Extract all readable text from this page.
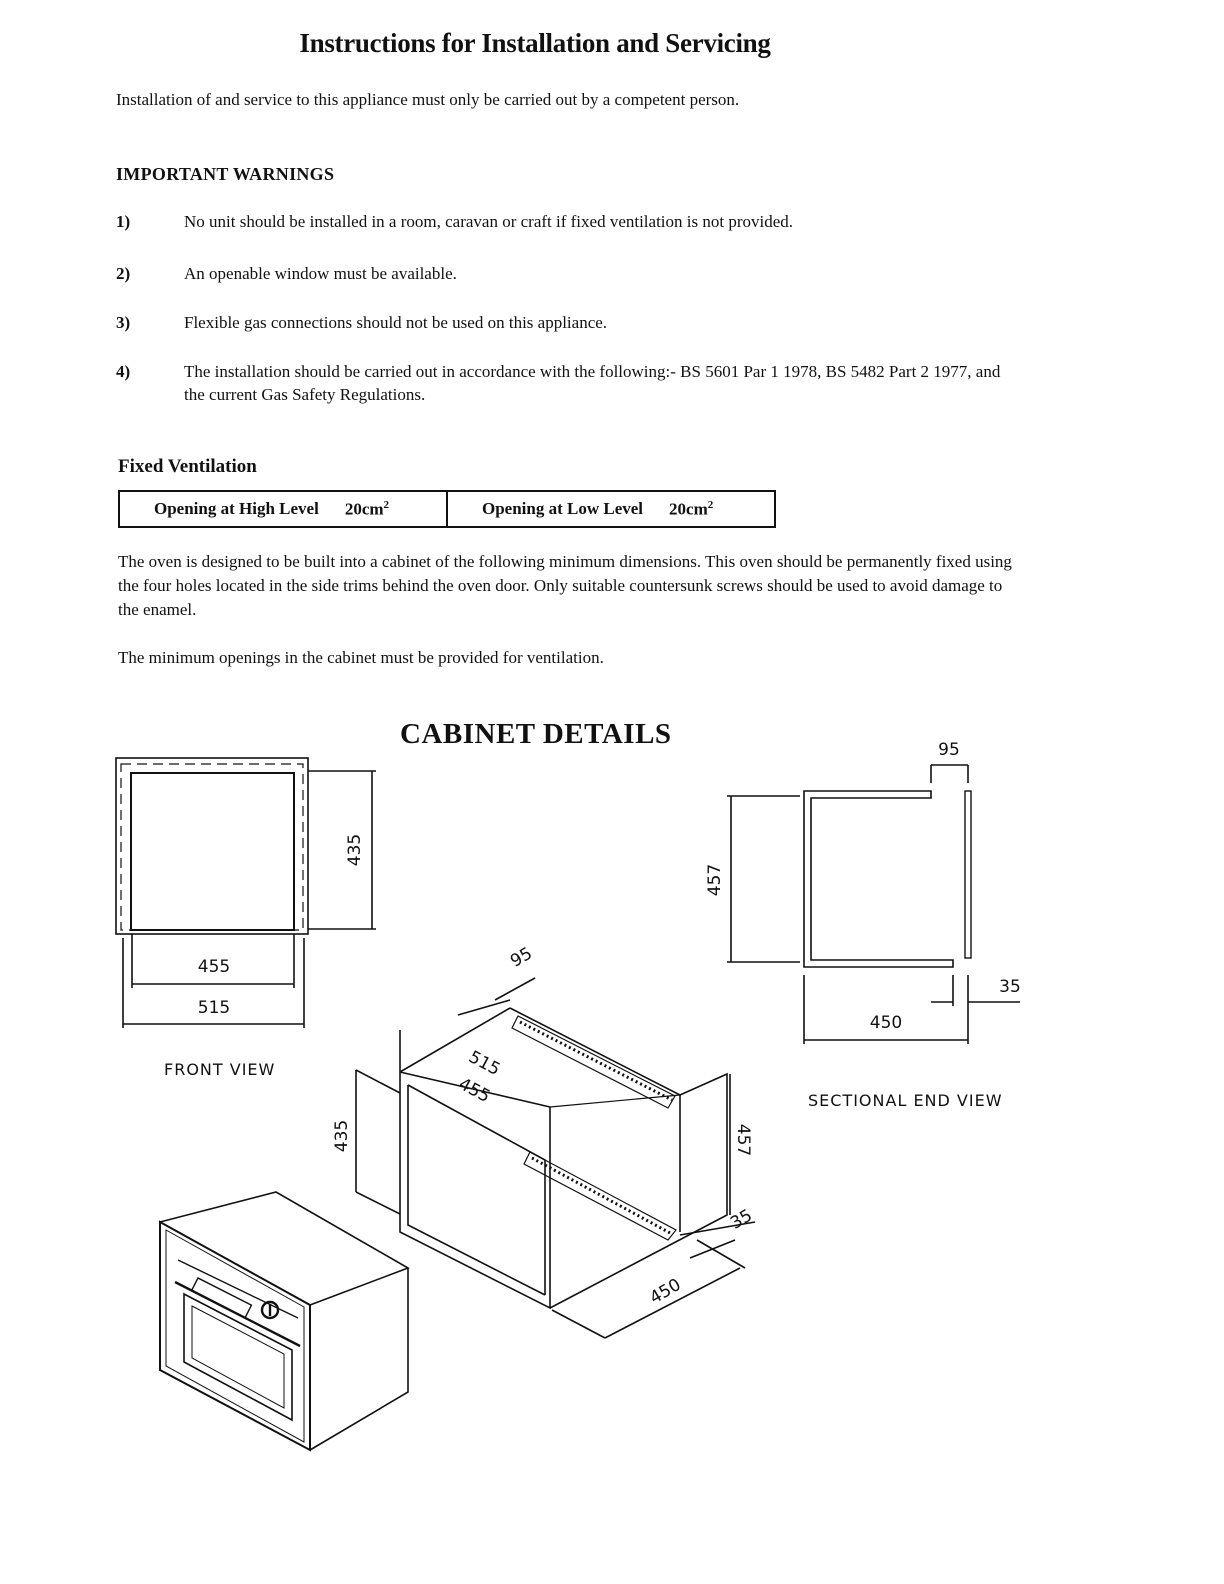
Instructions for Installation and Servicing
Installation of and service to this appliance must only be carried out by a competent person.
IMPORTANT WARNINGS
1)	No unit should be installed in a room, caravan or craft if fixed ventilation is not provided.
2)	An openable window must be available.
3)	Flexible gas connections should not be used on this appliance.
4)	The installation should be carried out in accordance with the following:- BS 5601 Par 1 1978, BS 5482 Part 2 1977, and the current Gas Safety Regulations.
Fixed Ventilation
Opening at High Level $20cm^2$	Opening at Low Level $20cm^2$
The oven is designed to be built into a cabinet of the following minimum dimensions. This oven should be permanently fixed using the four holes located in the side trims behind the oven door. Only suitable countersunk screws should be used to avoid damage to the enamel.
The minimum openings in the cabinet must be provided for ventilation.
CABINET DETAILS
435
455
515
FRONT VIEW
95
457
450
35
SECTIONAL END VIEW
95
515
455
435	457
35
450
